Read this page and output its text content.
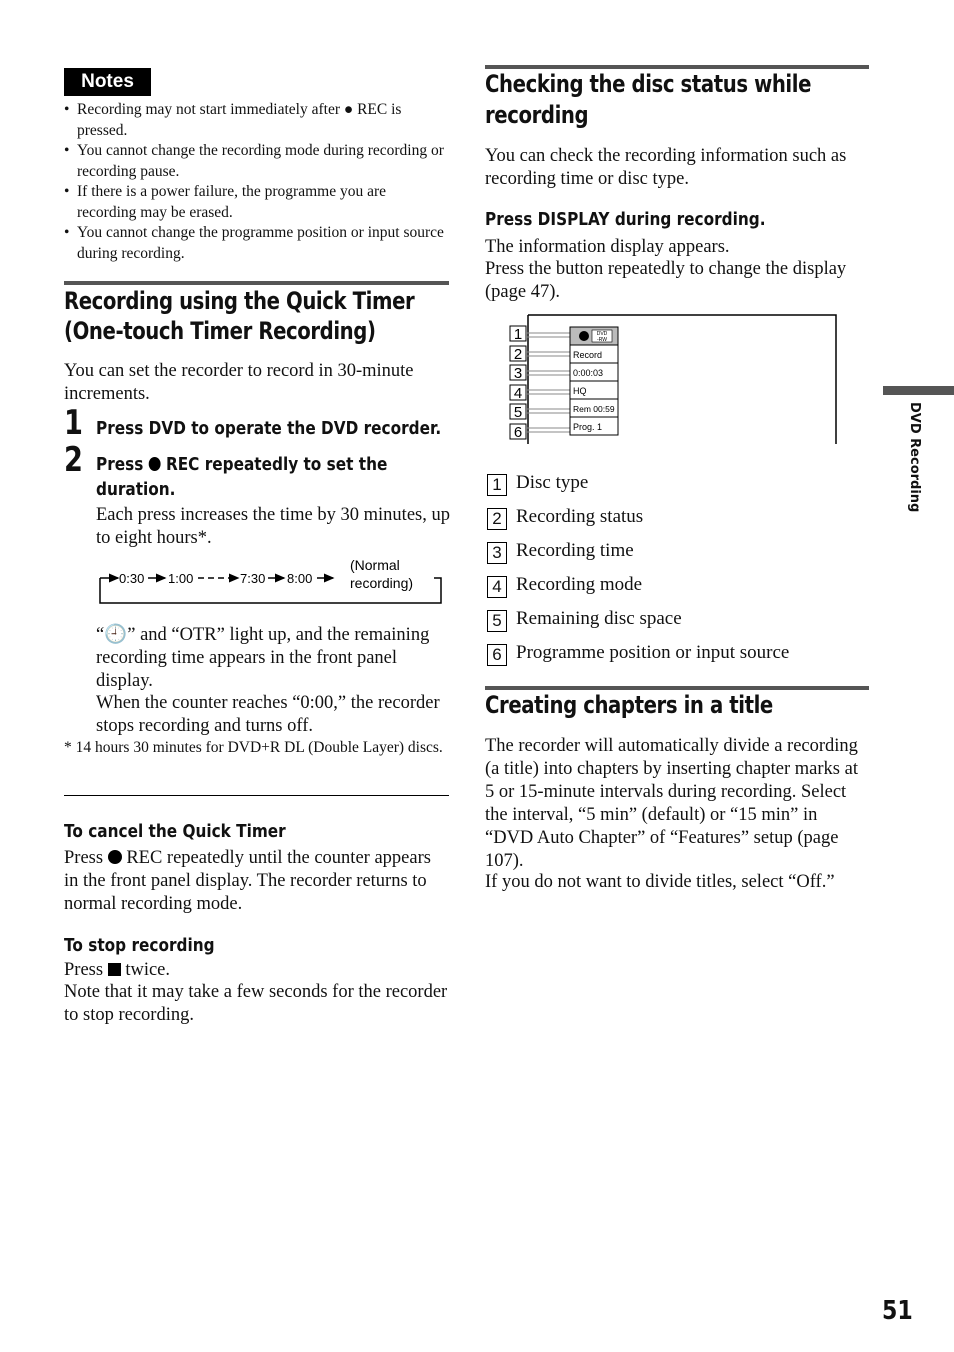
Notes
• Recording may not start immediately after ● REC is pressed.
• You cannot change the recording mode during recording or recording pause.
• If there is a power failure, the programme you are recording may be erased.
• You cannot change the programme position or input source during recording.
Recording using the Quick Timer
(One-touch Timer Recording)
You can set the recorder to record in 30-minute increments.
1 Press DVD to operate the DVD recorder.
2 Press REC repeatedly to set the
duration.
Each press increases the time by 30 minutes, up to eight hours*.
0:30 1:00	7:30 8:00
(Normal
recording)
“🕘” and “OTR” light up, and the remaining recording time appears in the front panel display.
When the counter reaches “0:00,” the recorder stops recording and turns off.
* 14 hours 30 minutes for DVD+R DL (Double Layer) discs.
To cancel the Quick Timer
Press REC repeatedly until the counter appears in the front panel display. The recorder returns to normal recording mode.
To stop recording
Press twice.
Note that it may take a few seconds for the recorder to stop recording.
Checking the disc status while
recording
You can check the recording information such as recording time or disc type.
Press DISPLAY during recording.
The information display appears.
Press the button repeatedly to change the display (page 47).
1
2
3
4
5
6
DVD
-RW
Record
0:00:03
HQ
Rem 00:59
Prog. 1
1 Disc type
2 Recording status
3 Recording time
4 Recording mode
5 Remaining disc space
6 Programme position or input source
Creating chapters in a title
The recorder will automatically divide a recording (a title) into chapters by inserting chapter marks at 5 or 15-minute intervals during recording. Select the interval, “5 min” (default) or “15 min” in “DVD Auto Chapter” of “Features” setup (page 107).
If you do not want to divide titles, select “Off.”
DVD Recording
51
